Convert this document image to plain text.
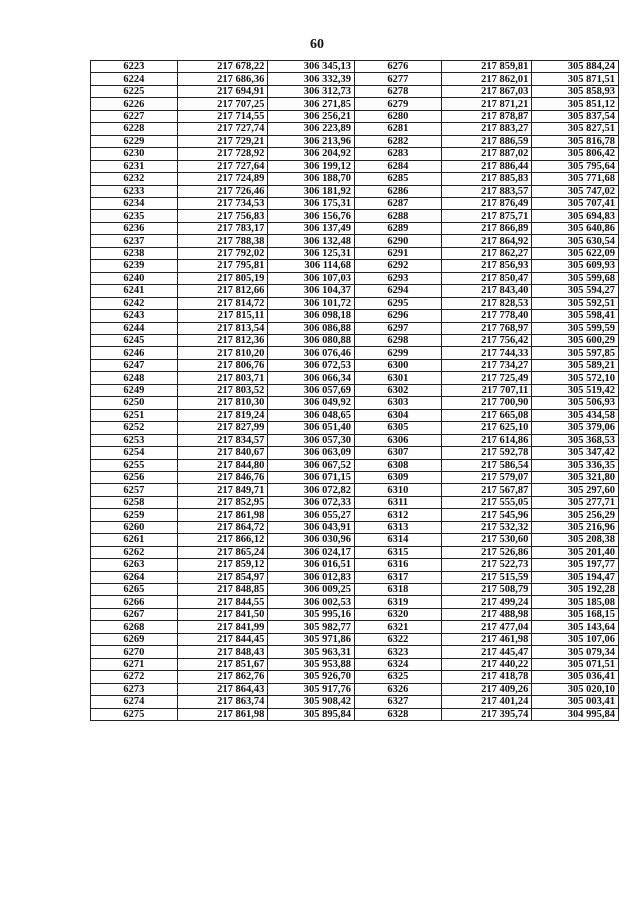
60
6223	217 678,22	306 345,13	6276	217 859,81	305 884,24
6224	217 686,36	306 332,39	6277	217 862,01	305 871,51
6225	217 694,91	306 312,73	6278	217 867,03	305 858,93
6226	217 707,25	306 271,85	6279	217 871,21	305 851,12
6227	217 714,55	306 256,21	6280	217 878,87	305 837,54
6228	217 727,74	306 223,89	6281	217 883,27	305 827,51
6229	217 729,21	306 213,96	6282	217 886,59	305 816,78
6230	217 728,92	306 204,92	6283	217 887,02	305 806,42
6231	217 727,64	306 199,12	6284	217 886,44	305 795,64
6232	217 724,89	306 188,70	6285	217 885,83	305 771,68
6233	217 726,46	306 181,92	6286	217 883,57	305 747,02
6234	217 734,53	306 175,31	6287	217 876,49	305 707,41
6235	217 756,83	306 156,76	6288	217 875,71	305 694,83
6236	217 783,17	306 137,49	6289	217 866,89	305 640,86
6237	217 788,38	306 132,48	6290	217 864,92	305 630,54
6238	217 792,02	306 125,31	6291	217 862,27	305 622,09
6239	217 795,81	306 114,68	6292	217 856,93	305 609,93
6240	217 805,19	306 107,03	6293	217 850,47	305 599,68
6241	217 812,66	306 104,37	6294	217 843,40	305 594,27
6242	217 814,72	306 101,72	6295	217 828,53	305 592,51
6243	217 815,11	306 098,18	6296	217 778,40	305 598,41
6244	217 813,54	306 086,88	6297	217 768,97	305 599,59
6245	217 812,36	306 080,88	6298	217 756,42	305 600,29
6246	217 810,20	306 076,46	6299	217 744,33	305 597,85
6247	217 806,76	306 072,53	6300	217 734,27	305 589,21
6248	217 803,71	306 066,34	6301	217 725,49	305 572,10
6249	217 803,52	306 057,69	6302	217 707,11	305 519,42
6250	217 810,30	306 049,92	6303	217 700,90	305 506,93
6251	217 819,24	306 048,65	6304	217 665,08	305 434,58
6252	217 827,99	306 051,40	6305	217 625,10	305 379,06
6253	217 834,57	306 057,30	6306	217 614,86	305 368,53
6254	217 840,67	306 063,09	6307	217 592,78	305 347,42
6255	217 844,80	306 067,52	6308	217 586,54	305 336,35
6256	217 846,76	306 071,15	6309	217 579,07	305 321,80
6257	217 849,71	306 072,82	6310	217 567,87	305 297,60
6258	217 852,95	306 072,33	6311	217 555,05	305 277,71
6259	217 861,98	306 055,27	6312	217 545,96	305 256,29
6260	217 864,72	306 043,91	6313	217 532,32	305 216,96
6261	217 866,12	306 030,96	6314	217 530,60	305 208,38
6262	217 865,24	306 024,17	6315	217 526,86	305 201,40
6263	217 859,12	306 016,51	6316	217 522,73	305 197,77
6264	217 854,97	306 012,83	6317	217 515,59	305 194,47
6265	217 848,85	306 009,25	6318	217 508,79	305 192,28
6266	217 844,55	306 002,53	6319	217 499,24	305 185,08
6267	217 841,50	305 995,16	6320	217 488,98	305 168,15
6268	217 841,99	305 982,77	6321	217 477,04	305 143,64
6269	217 844,45	305 971,86	6322	217 461,98	305 107,06
6270	217 848,43	305 963,31	6323	217 445,47	305 079,34
6271	217 851,67	305 953,88	6324	217 440,22	305 071,51
6272	217 862,76	305 926,70	6325	217 418,78	305 036,41
6273	217 864,43	305 917,76	6326	217 409,26	305 020,10
6274	217 863,74	305 908,42	6327	217 401,24	305 003,41
6275	217 861,98	305 895,84	6328	217 395,74	304 995,84
